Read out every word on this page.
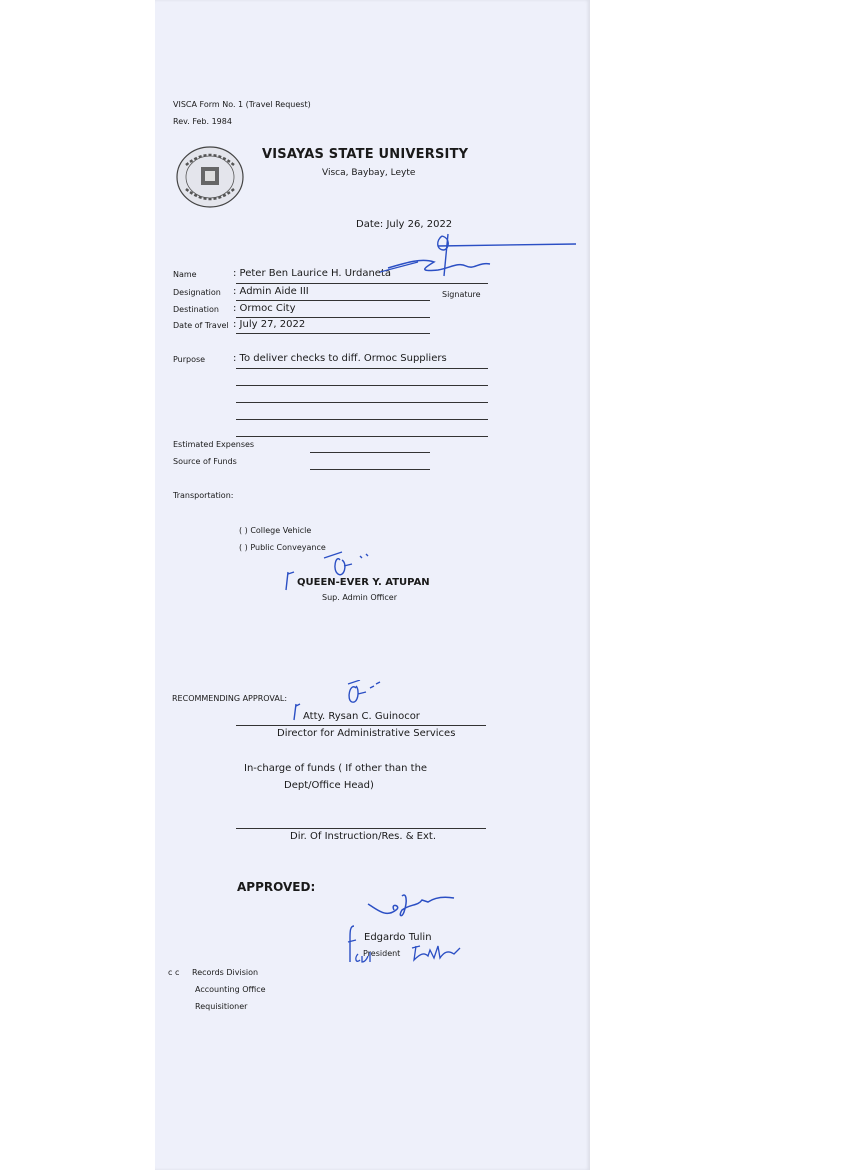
VISCA Form No. 1 (Travel Request)
Rev. Feb. 1984
VISAYAS STATE UNIVERSITY
Visca, Baybay, Leyte
Date: July 26, 2022
Name	: Peter Ben Laurice H. Urdaneta
Designation : Admin Aide III	Signature
Destination : Ormoc City
Date of Travel : July 27, 2022
Purpose	: To deliver checks to diff. Ormoc Suppliers
Estimated Expenses
Source of Funds
Transportation:
( ) College Vehicle
( ) Public Conveyance
QUEEN-EVER Y. ATUPAN
Sup. Admin Officer
RECOMMENDING APPROVAL:
Atty. Rysan C. Guinocor
Director for Administrative Services
In-charge of funds ( If other than the
Dept/Office Head)
Dir. Of Instruction/Res. & Ext.
APPROVED:
Edgardo Tulin
President
c c Records Division
Accounting Office
Requisitioner
